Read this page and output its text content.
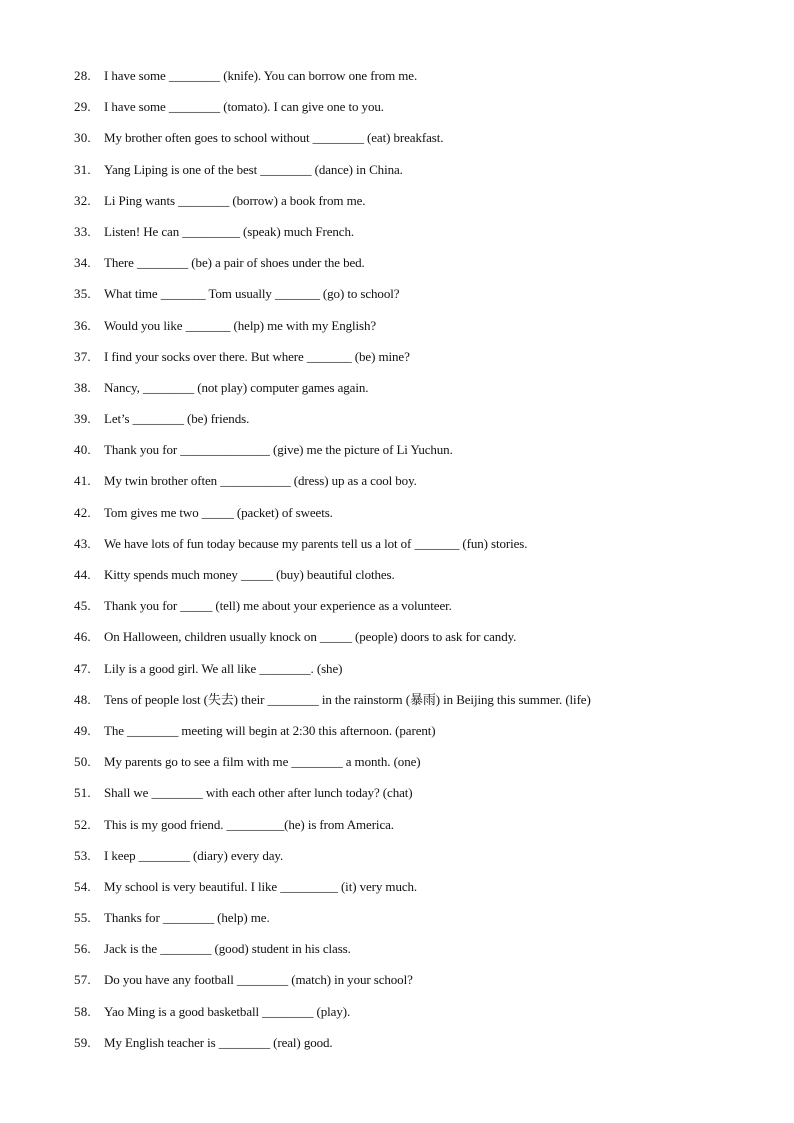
28.	I have some ________ (knife). You can borrow one from me.
29.	I have some ________ (tomato). I can give one to you.
30.	My brother often goes to school without ________ (eat) breakfast.
31.	Yang Liping is one of the best ________ (dance) in China.
32.	Li Ping wants ________ (borrow) a book from me.
33.	Listen! He can _________ (speak) much French.
34.	There ________ (be) a pair of shoes under the bed.
35.	What time _______ Tom usually _______ (go) to school?
36.	Would you like _______ (help) me with my English?
37.	I find your socks over there. But where _______ (be) mine?
38.	Nancy, ________ (not play) computer games again.
39.	Let’s ________ (be) friends.
40.	Thank you for ______________ (give) me the picture of Li Yuchun.
41.	My twin brother often ___________ (dress) up as a cool boy.
42.	Tom gives me two _____ (packet) of sweets.
43.	We have lots of fun today because my parents tell us a lot of _______ (fun) stories.
44.	Kitty spends much money _____ (buy) beautiful clothes.
45.	Thank you for _____ (tell) me about your experience as a volunteer.
46.	On Halloween, children usually knock on _____ (people) doors to ask for candy.
47.	Lily is a good girl. We all like ________. (she)
48.	Tens of people lost (失去) their ________ in the rainstorm (暴雨) in Beijing this summer. (life)
49.	The ________ meeting will begin at 2:30 this afternoon. (parent)
50.	My parents go to see a film with me ________ a month. (one)
51.	Shall we ________ with each other after lunch today? (chat)
52.	This is my good friend. _________(he) is from America.
53.	I keep ________ (diary) every day.
54.	My school is very beautiful. I like _________ (it) very much.
55.	Thanks for ________ (help) me.
56.	Jack is the ________ (good) student in his class.
57.	Do you have any football ________ (match) in your school?
58.	Yao Ming is a good basketball ________ (play).
59.	My English teacher is ________ (real) good.
